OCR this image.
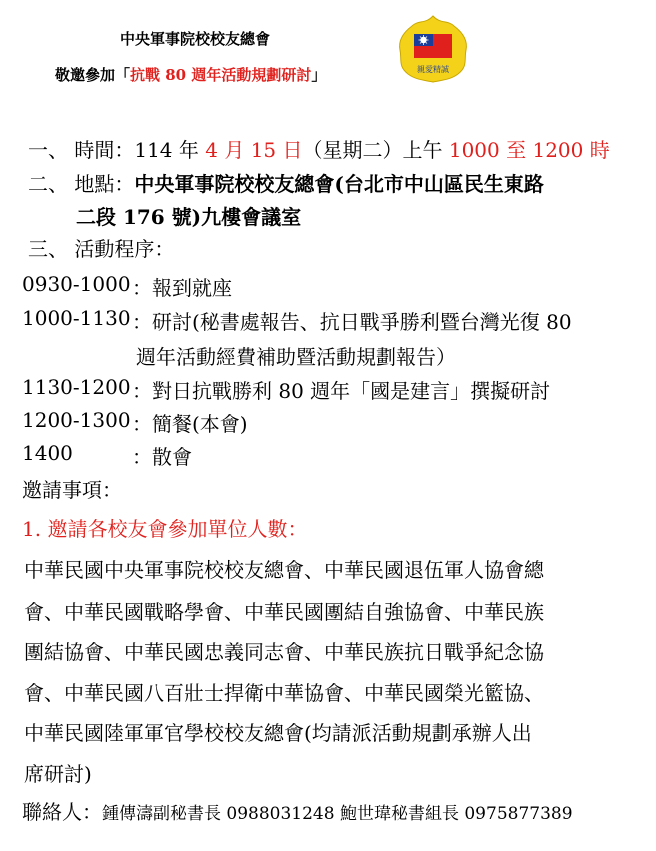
中央軍事院校校友總會
敬邀參加「抗戰 80 週年活動規劃研討」	親愛精誠
一、 時間：114 年 4 月 15 日（星期二）上午 1000 至 1200 時
二、 地點：中央軍事院校校友總會(台北市中山區民生東路
二段 176 號)九樓會議室
三、 活動程序：
0930-1000 ：報到就座
1000-1130 ：研討(秘書處報告、抗日戰爭勝利暨台灣光復 80
週年活動經費補助暨活動規劃報告）
1130-1200 ：對日抗戰勝利 80 週年「國是建言」撰擬研討
1200-1300 ：簡餐(本會)
1400	：散會
邀請事項：
1. 邀請各校友會參加單位人數：
中華民國中央軍事院校校友總會、中華民國退伍軍人協會總
會、中華民國戰略學會、中華民國團結自強協會、中華民族
團結協會、中華民國忠義同志會、中華民族抗日戰爭紀念協
會、中華民國八百壯士捍衛中華協會、中華民國榮光籃協、
中華民國陸軍軍官學校校友總會(均請派活動規劃承辦人出
席研討)
聯絡人：鍾傳濤副秘書長 0988031248 鮑世瑋秘書組長 0975877389
